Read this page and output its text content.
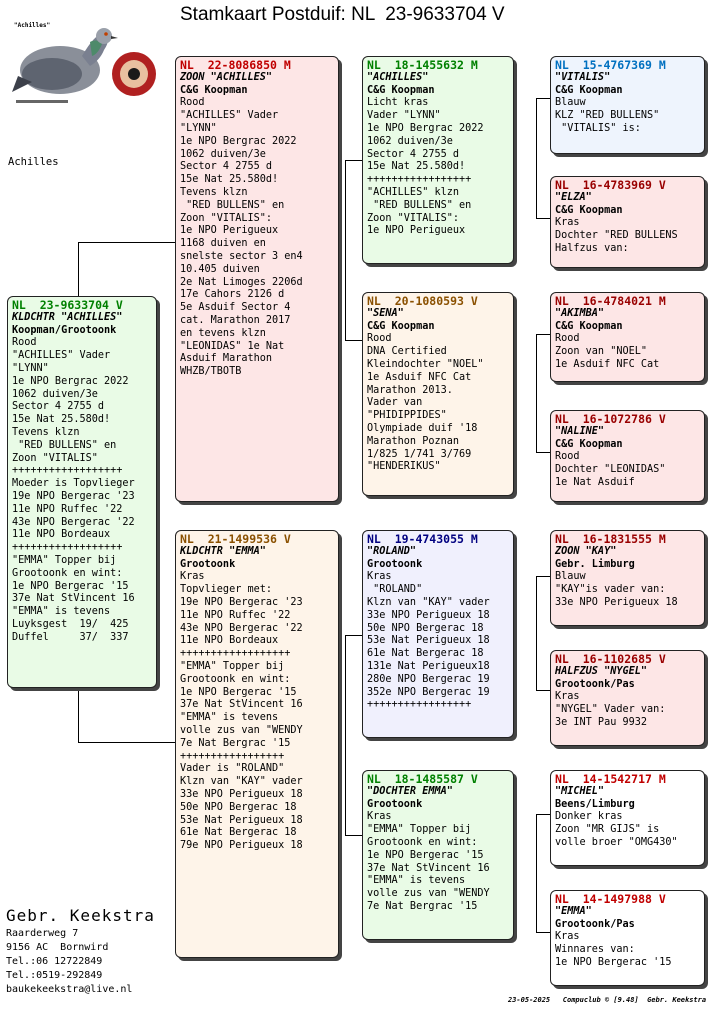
Stamkaart Postduif: NL  23-9633704 V
"Achilles"
Achilles
NL  23-9633704 V
KLDCHTR "ACHILLES"
Koopman/Grootoonk
Rood
"ACHILLES" Vader
"LYNN"
1e NPO Bergrac 2022
1062 duiven/3e
Sector 4 2755 d
15e Nat 25.580d!
Tevens klzn
"RED BULLENS" en
Zoon "VITALIS"
++++++++++++++++++
Moeder is Topvlieger
19e NPO Bergerac '23
11e NPO Ruffec '22
43e NPO Bergerac '22
11e NPO Bordeaux
++++++++++++++++++
"EMMA" Topper bij
Grootoonk en wint:
1e NPO Bergerac '15
37e Nat StVincent 16
"EMMA" is tevens
Luyksgest  19/  425
Duffel     37/  337
NL  22-8086850 M
ZOON "ACHILLES"
C&G Koopman
Rood
"ACHILLES" Vader
"LYNN"
1e NPO Bergrac 2022
1062 duiven/3e
Sector 4 2755 d
15e Nat 25.580d!
Tevens klzn
"RED BULLENS" en
Zoon "VITALIS":
1e NPO Perigueux
1168 duiven en
snelste sector 3 en4
10.405 duiven
2e Nat Limoges 2206d
17e Cahors 2126 d
5e Asduif Sector 4
cat. Marathon 2017
en tevens klzn
"LEONIDAS" 1e Nat
Asduif Marathon
WHZB/TBOTB
NL  21-1499536 V
KLDCHTR "EMMA"
Grootoonk
Kras
Topvlieger met:
19e NPO Bergerac '23
11e NPO Ruffec '22
43e NPO Bergerac '22
11e NPO Bordeaux
++++++++++++++++++
"EMMA" Topper bij
Grootoonk en wint:
1e NPO Bergerac '15
37e Nat StVincent 16
"EMMA" is tevens
volle zus van "WENDY
7e Nat Bergrac '15
+++++++++++++++++
Vader is "ROLAND"
Klzn van "KAY" vader
33e NPO Perigueux 18
50e NPO Bergerac 18
53e Nat Perigueux 18
61e Nat Bergerac 18
79e NPO Perigueux 18
NL  18-1455632 M
"ACHILLES"
C&G Koopman
Licht kras
Vader "LYNN"
1e NPO Bergrac 2022
1062 duiven/3e
Sector 4 2755 d
15e Nat 25.580d!
+++++++++++++++++
"ACHILLES" klzn
"RED BULLENS" en
Zoon "VITALIS":
1e NPO Perigueux
NL  20-1080593 V
"SENA"
C&G Koopman
Rood
DNA Certified
Kleindochter "NOEL"
1e Asduif NFC Cat
Marathon 2013.
Vader van
"PHIDIPPIDES"
Olympiade duif '18
Marathon Poznan
1/825 1/741 3/769
"HENDERIKUS"
NL  19-4743055 M
"ROLAND"
Grootoonk
Kras
"ROLAND"
Klzn van "KAY" vader
33e NPO Perigueux 18
50e NPO Bergerac 18
53e Nat Perigueux 18
61e Nat Bergerac 18
131e Nat Perigueux18
280e NPO Bergerac 19
352e NPO Bergerac 19
+++++++++++++++++
NL  18-1485587 V
"DOCHTER EMMA"
Grootoonk
Kras
"EMMA" Topper bij
Grootoonk en wint:
1e NPO Bergerac '15
37e Nat StVincent 16
"EMMA" is tevens
volle zus van "WENDY
7e Nat Bergrac '15
NL  15-4767369 M
"VITALIS"
C&G Koopman
Blauw
KLZ "RED BULLENS"
"VITALIS" is:
NL  16-4783969 V
"ELZA"
C&G Koopman
Kras
Dochter "RED BULLENS
Halfzus van:
NL  16-4784021 M
"AKIMBA"
C&G Koopman
Rood
Zoon van "NOEL"
1e Asduif NFC Cat
NL  16-1072786 V
"NALINE"
C&G Koopman
Rood
Dochter "LEONIDAS"
1e Nat Asduif
NL  16-1831555 M
ZOON "KAY"
Gebr. Limburg
Blauw
"KAY"is vader van:
33e NPO Perigueux 18
NL  16-1102685 V
HALFZUS "NYGEL"
Grootoonk/Pas
Kras
"NYGEL" Vader van:
3e INT Pau 9932
NL  14-1542717 M
"MICHEL"
Beens/Limburg
Donker kras
Zoon "MR GIJS" is
volle broer "OMG430"
NL  14-1497988 V
"EMMA"
Grootoonk/Pas
Kras
Winnares van:
1e NPO Bergerac '15
Gebr. Keekstra
Raarderweg 7
9156 AC  Bornwird
Tel.:06 12722849
Tel.:0519-292849
baukekeekstra@live.nl
23-05-2025   Compuclub © [9.48]  Gebr. Keekstra
